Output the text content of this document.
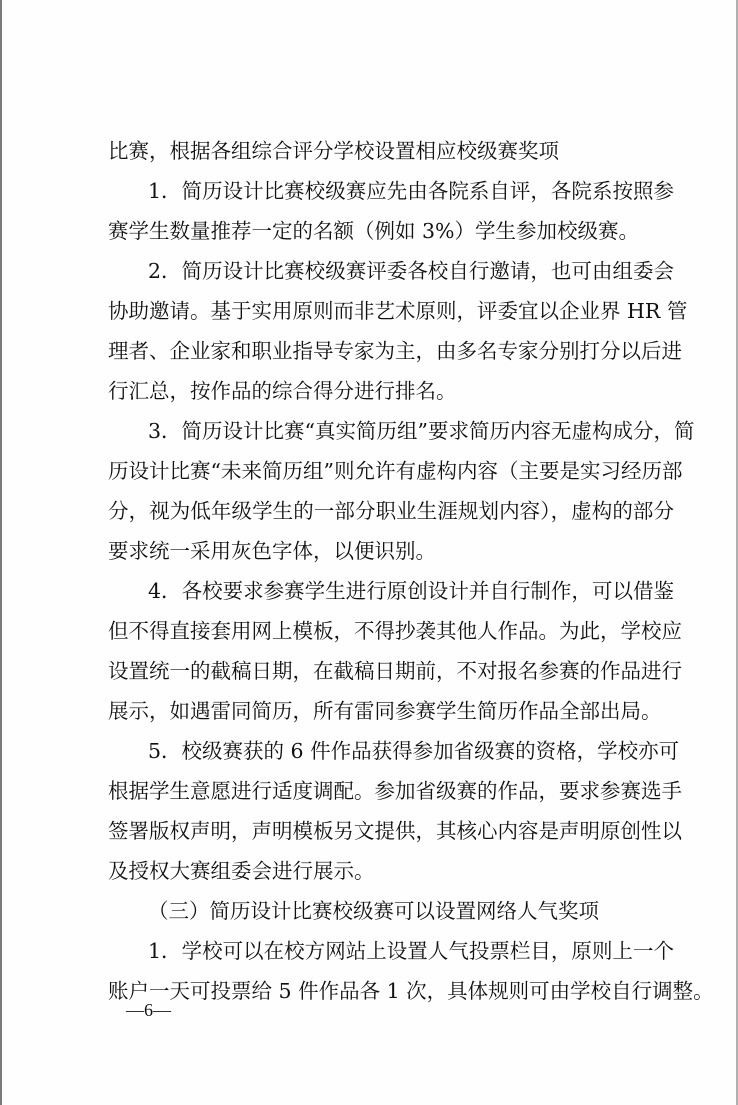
比赛，根据各组综合评分学校设置相应校级赛奖项
1．简历设计比赛校级赛应先由各院系自评，各院系按照参
赛学生数量推荐一定的名额（例如 3%）学生参加校级赛。
2．简历设计比赛校级赛评委各校自行邀请，也可由组委会
协助邀请。基于实用原则而非艺术原则，评委宜以企业界 HR 管
理者、企业家和职业指导专家为主，由多名专家分别打分以后进
行汇总，按作品的综合得分进行排名。
3．简历设计比赛“真实简历组”要求简历内容无虚构成分，简
历设计比赛“未来简历组”则允许有虚构内容（主要是实习经历部
分，视为低年级学生的一部分职业生涯规划内容），虚构的部分
要求统一采用灰色字体，以便识别。
4．各校要求参赛学生进行原创设计并自行制作，可以借鉴
但不得直接套用网上模板，不得抄袭其他人作品。为此，学校应
设置统一的截稿日期，在截稿日期前，不对报名参赛的作品进行
展示，如遇雷同简历，所有雷同参赛学生简历作品全部出局。
5．校级赛获的 6 件作品获得参加省级赛的资格，学校亦可
根据学生意愿进行适度调配。参加省级赛的作品，要求参赛选手
签署版权声明，声明模板另文提供，其核心内容是声明原创性以
及授权大赛组委会进行展示。
（三）简历设计比赛校级赛可以设置网络人气奖项
1．学校可以在校方网站上设置人气投票栏目，原则上一个
账户一天可投票给 5 件作品各 1 次，具体规则可由学校自行调整。
—6—
